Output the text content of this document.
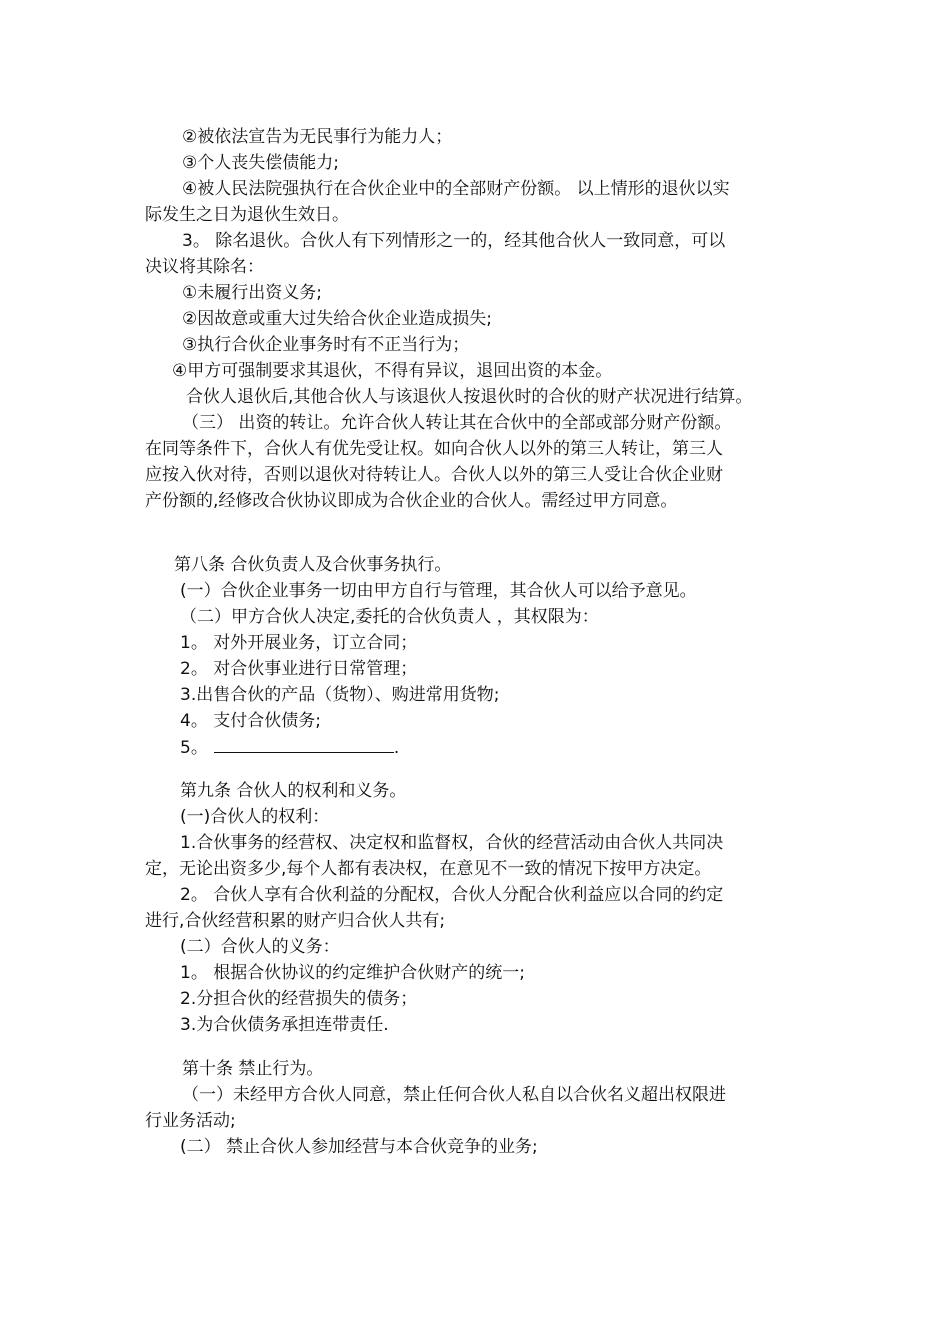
②被依法宣告为无民事行为能力人；
③个人丧失偿债能力;
④被人民法院强执行在合伙企业中的全部财产份额。 以上情形的退伙以实
际发生之日为退伙生效日。
3。 除名退伙。合伙人有下列情形之一的，经其他合伙人一致同意，可以
决议将其除名：
①未履行出资义务;
②因故意或重大过失给合伙企业造成损失;
③执行合伙企业事务时有不正当行为；
④甲方可强制要求其退伙，不得有异议，退回出资的本金。
合伙人退伙后,其他合伙人与该退伙人按退伙时的合伙的财产状况进行结算。
（三） 出资的转让。允许合伙人转让其在合伙中的全部或部分财产份额。
在同等条件下，合伙人有优先受让权。如向合伙人以外的第三人转让，第三人
应按入伙对待，否则以退伙对待转让人。合伙人以外的第三人受让合伙企业财
产份额的,经修改合伙协议即成为合伙企业的合伙人。需经过甲方同意。
第八条 合伙负责人及合伙事务执行。
(一）合伙企业事务一切由甲方自行与管理，其合伙人可以给予意见。
（二）甲方合伙人决定,委托的合伙负责人 ，其权限为：
1。 对外开展业务，订立合同；
2。 对合伙事业进行日常管理；
3.出售合伙的产品（货物）、购进常用货物;
4。 支付合伙债务;
5。	.
第九条 合伙人的权利和义务。
(一)合伙人的权利：
1.合伙事务的经营权、决定权和监督权，合伙的经营活动由合伙人共同决
定，无论出资多少,每个人都有表决权，在意见不一致的情况下按甲方决定。
2。 合伙人享有合伙利益的分配权，合伙人分配合伙利益应以合同的约定
进行,合伙经营积累的财产归合伙人共有;
(二）合伙人的义务：
1。 根据合伙协议的约定维护合伙财产的统一;
2.分担合伙的经营损失的债务；
3.为合伙债务承担连带责任.
第十条 禁止行为。
（一）未经甲方合伙人同意，禁止任何合伙人私自以合伙名义超出权限进
行业务活动;
(二） 禁止合伙人参加经营与本合伙竞争的业务;
